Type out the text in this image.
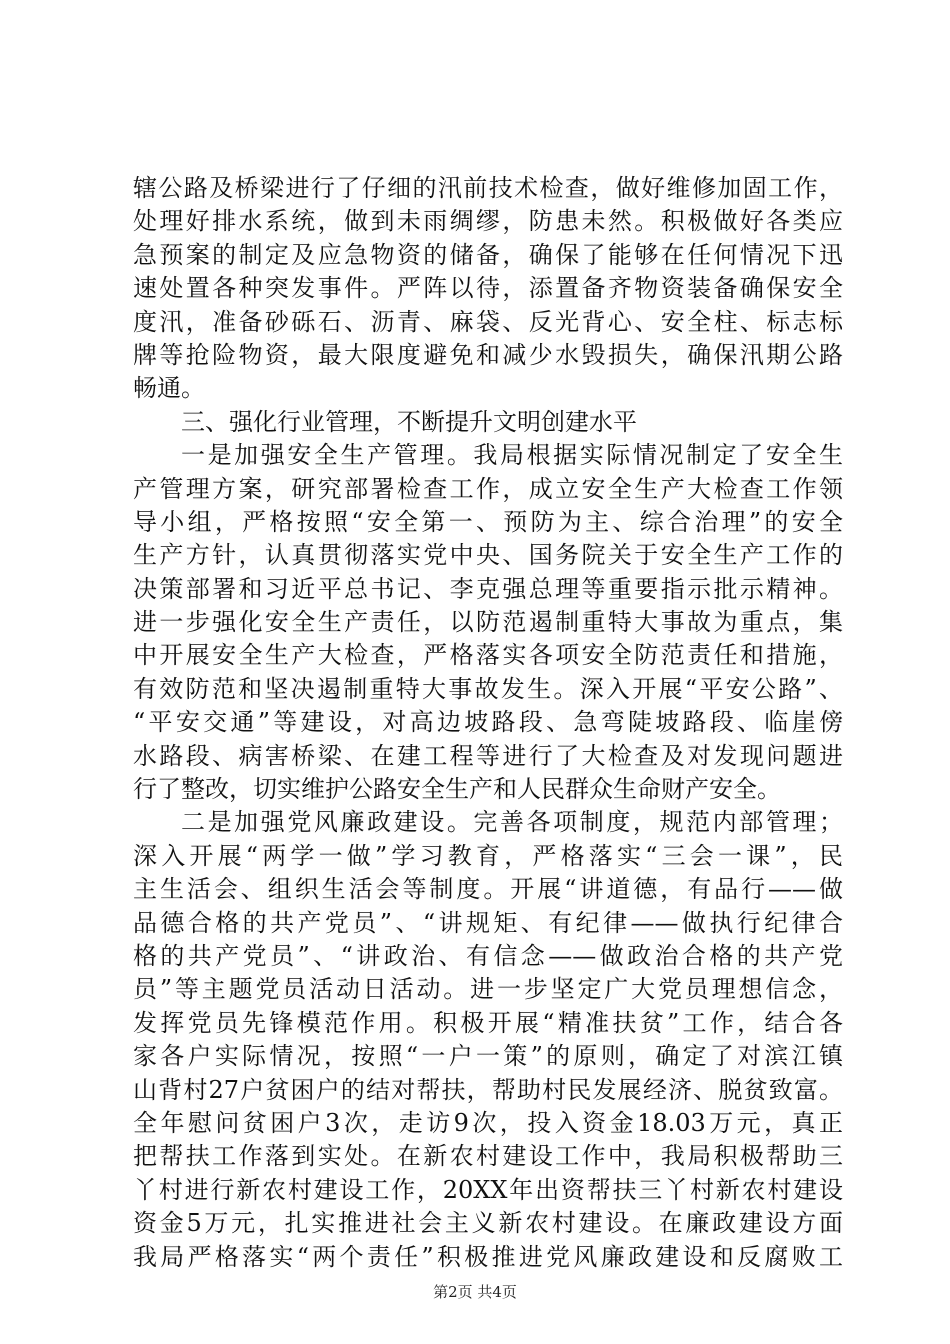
辖公路及桥梁进行了仔细的汛前技术检查，做好维修加固工作，
处理好排水系统，做到未雨绸缪，防患未然。积极做好各类应
急预案的制定及应急物资的储备，确保了能够在任何情况下迅
速处置各种突发事件。严阵以待，添置备齐物资装备确保安全
度汛，准备砂砾石、沥青、麻袋、反光背心、安全柱、标志标
牌等抢险物资，最大限度避免和减少水毁损失，确保汛期公路
畅通。
三、强化行业管理，不断提升文明创建水平
一是加强安全生产管理。我局根据实际情况制定了安全生
产管理方案，研究部署检查工作，成立安全生产大检查工作领
导小组，严格按照“安全第一、预防为主、综合治理”的安全
生产方针，认真贯彻落实党中央、国务院关于安全生产工作的
决策部署和习近平总书记、李克强总理等重要指示批示精神。
进一步强化安全生产责任，以防范遏制重特大事故为重点，集
中开展安全生产大检查，严格落实各项安全防范责任和措施，
有效防范和坚决遏制重特大事故发生。深入开展“平安公路”、
“平安交通”等建设，对高边坡路段、急弯陡坡路段、临崖傍
水路段、病害桥梁、在建工程等进行了大检查及对发现问题进
行了整改，切实维护公路安全生产和人民群众生命财产安全。
二是加强党风廉政建设。完善各项制度，规范内部管理；
深入开展“两学一做”学习教育，严格落实“三会一课”，民
主生活会、组织生活会等制度。开展“讲道德，有品行——做
品德合格的共产党员”、“讲规矩、有纪律——做执行纪律合
格的共产党员”、“讲政治、有信念——做政治合格的共产党
员”等主题党员活动日活动。进一步坚定广大党员理想信念，
发挥党员先锋模范作用。积极开展“精准扶贫”工作，结合各
家各户实际情况，按照“一户一策”的原则，确定了对滨江镇
山背村27户贫困户的结对帮扶，帮助村民发展经济、脱贫致富。
全年慰问贫困户3次，走访9次，投入资金18.03万元，真正
把帮扶工作落到实处。在新农村建设工作中，我局积极帮助三
丫村进行新农村建设工作，20XX年出资帮扶三丫村新农村建设
资金5万元，扎实推进社会主义新农村建设。在廉政建设方面
我局严格落实“两个责任”积极推进党风廉政建设和反腐败工
第2页 共4页
